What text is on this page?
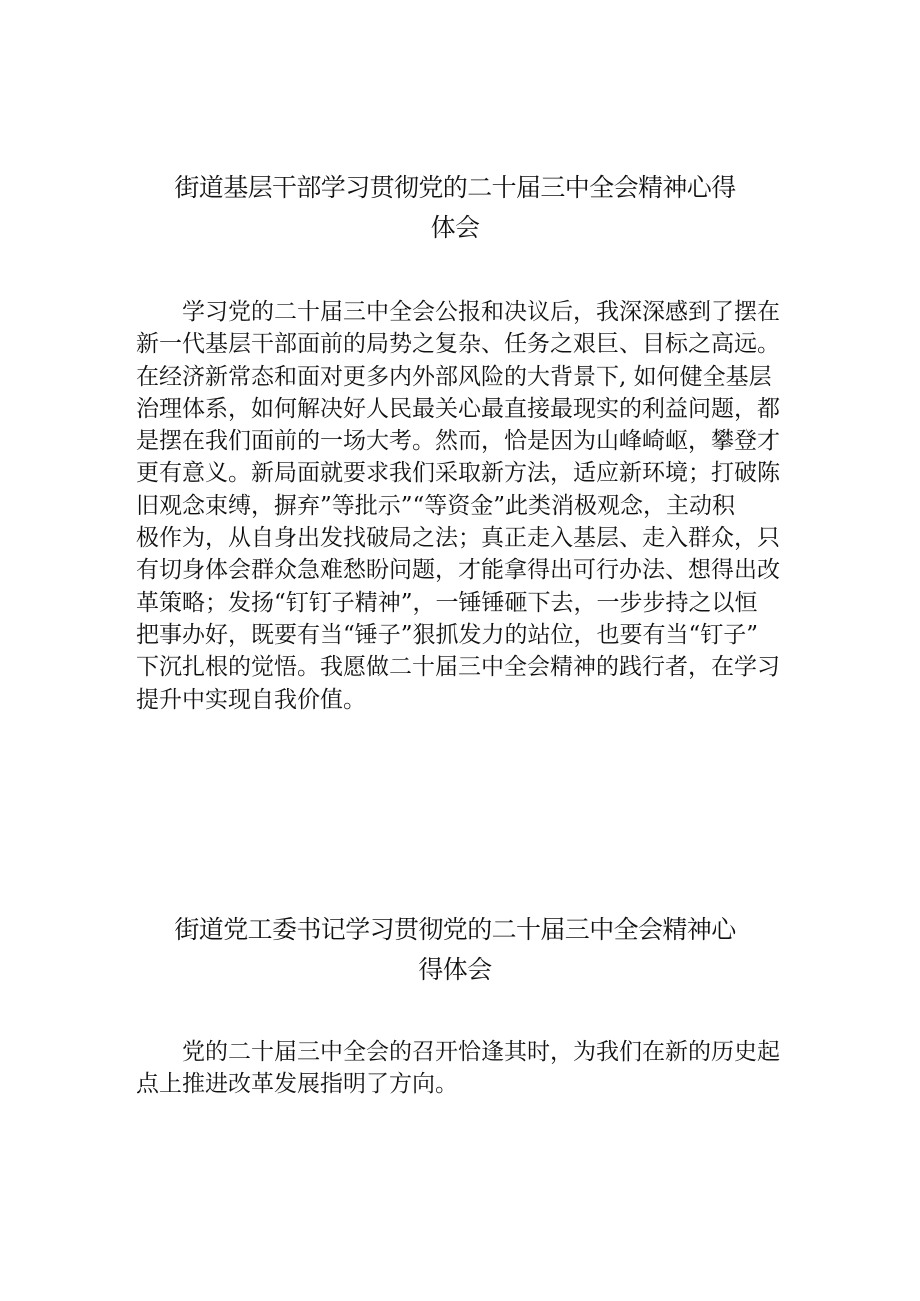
街道基层干部学习贯彻党的二十届三中全会精神心得
体会
学习党的二十届三中全会公报和决议后，我深深感到了摆在
新一代基层干部面前的局势之复杂、任务之艰巨、目标之高远。
在经济新常态和面对更多内外部风险的大背景下, 如何健全基层
治理体系，如何解决好人民最关心最直接最现实的利益问题，都
是摆在我们面前的一场大考。然而，恰是因为山峰崎岖，攀登才
更有意义。新局面就要求我们采取新方法，适应新环境；打破陈
旧观念束缚，摒弃”等批示”“等资金”此类消极观念，主动积
极作为，从自身出发找破局之法；真正走入基层、走入群众，只
有切身体会群众急难愁盼问题，才能拿得出可行办法、想得出改
革策略；发扬“钉钉子精神”，一锤锤砸下去，一步步持之以恒
把事办好，既要有当“锤子”狠抓发力的站位，也要有当“钉子”
下沉扎根的觉悟。我愿做二十届三中全会精神的践行者，在学习
提升中实现自我价值。
街道党工委书记学习贯彻党的二十届三中全会精神心
得体会
党的二十届三中全会的召开恰逢其时，为我们在新的历史起
点上推进改革发展指明了方向。
